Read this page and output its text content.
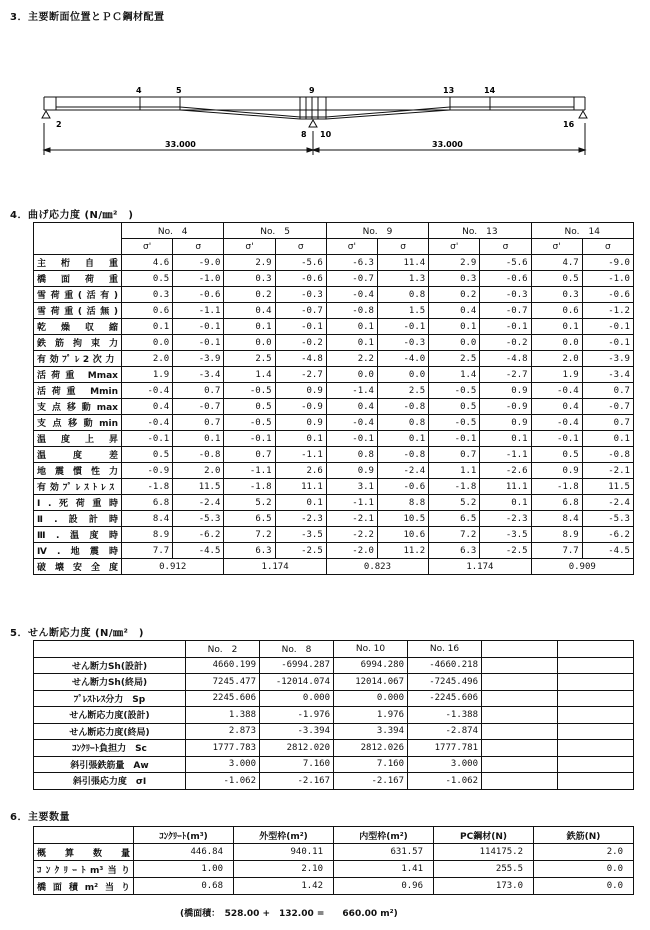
3．主要断面位置とＰＣ鋼材配置
4	5	9	13	14
2
8 10
16
33.000	33.000
4．曲げ応力度 (N/㎜²　)
	No.　4		No.　5		No.　9		No.　13		No.　14	
	σ'	σ	σ'	σ	σ'	σ	σ'	σ	σ'	σ
主桁自重	4.6	-9.0	2.9	-5.6	-6.3	11.4	2.9	-5.6	4.7	-9.0
橋面荷重	0.5	-1.0	0.3	-0.6	-0.7	1.3	0.3	-0.6	0.5	-1.0
雪荷重(活有)	0.3	-0.6	0.2	-0.3	-0.4	0.8	0.2	-0.3	0.3	-0.6
雪荷重(活無)	0.6	-1.1	0.4	-0.7	-0.8	1.5	0.4	-0.7	0.6	-1.2
乾燥収縮	0.1	-0.1	0.1	-0.1	0.1	-0.1	0.1	-0.1	0.1	-0.1
鉄筋拘束力	0.0	-0.1	0.0	-0.2	0.1	-0.3	0.0	-0.2	0.0	-0.1
有効ﾌﾟﾚ2次力	2.0	-3.9	2.5	-4.8	2.2	-4.0	2.5	-4.8	2.0	-3.9
活荷重 Mmax	1.9	-3.4	1.4	-2.7	0.0	0.0	1.4	-2.7	1.9	-3.4
活荷重 Mmin	-0.4	0.7	-0.5	0.9	-1.4	2.5	-0.5	0.9	-0.4	0.7
支点移動max	0.4	-0.7	0.5	-0.9	0.4	-0.8	0.5	-0.9	0.4	-0.7
支点移動min	-0.4	0.7	-0.5	0.9	-0.4	0.8	-0.5	0.9	-0.4	0.7
温度上昇	-0.1	0.1	-0.1	0.1	-0.1	0.1	-0.1	0.1	-0.1	0.1
温度差	0.5	-0.8	0.7	-1.1	0.8	-0.8	0.7	-1.1	0.5	-0.8
地震慣性力	-0.9	2.0	-1.1	2.6	0.9	-2.4	1.1	-2.6	0.9	-2.1
有効ﾌﾟﾚｽﾄﾚｽ	-1.8	11.5	-1.8	11.1	3.1	-0.6	-1.8	11.1	-1.8	11.5
Ⅰ.死荷重時	6.8	-2.4	5.2	0.1	-1.1	8.8	5.2	0.1	6.8	-2.4
Ⅱ.設計時	8.4	-5.3	6.5	-2.3	-2.1	10.5	6.5	-2.3	8.4	-5.3
Ⅲ.温度時	8.9	-6.2	7.2	-3.5	-2.2	10.6	7.2	-3.5	8.9	-6.2
Ⅳ.地震時	7.7	-4.5	6.3	-2.5	-2.0	11.2	6.3	-2.5	7.7	-4.5
破壊安全度	0.912		1.174		0.823		1.174		0.909	
5．せん断応力度 (N/㎜²　)
	No.　2	No.　8	No. 10	No. 16		
せん断力Sh(設計)	4660.199	-6994.287	6994.280	-4660.218		
せん断力Sh(終局)	7245.477	-12014.074	12014.067	-7245.496		
ﾌﾟﾚｽﾄﾚｽ分力　Sp	2245.606	0.000	0.000	-2245.606		
せん断応力度(設計)	1.388	-1.976	1.976	-1.388		
せん断応力度(終局)	2.873	-3.394	3.394	-2.874		
ｺﾝｸﾘｰﾄ負担力　Sc	1777.783	2812.020	2812.026	1777.781		
斜引張鉄筋量　Aw	3.000	7.160	7.160	3.000		
斜引張応力度　σⅠ	-1.062	-2.167	-2.167	-1.062		
6．主要数量
	ｺﾝｸﾘｰﾄ(m³)	外型枠(m²)	内型枠(m²)	PC鋼材(N)	鉄筋(N)
概算数量	446.84	940.11	631.57	114175.2	2.0
ｺﾝｸﾘｰﾄm³当り	1.00	2.10	1.41	255.5	0.0
橋面積m²当り	0.68	1.42	0.96	173.0	0.0
(橋面積：　528.00 +　132.00 =　　660.00 m²)
